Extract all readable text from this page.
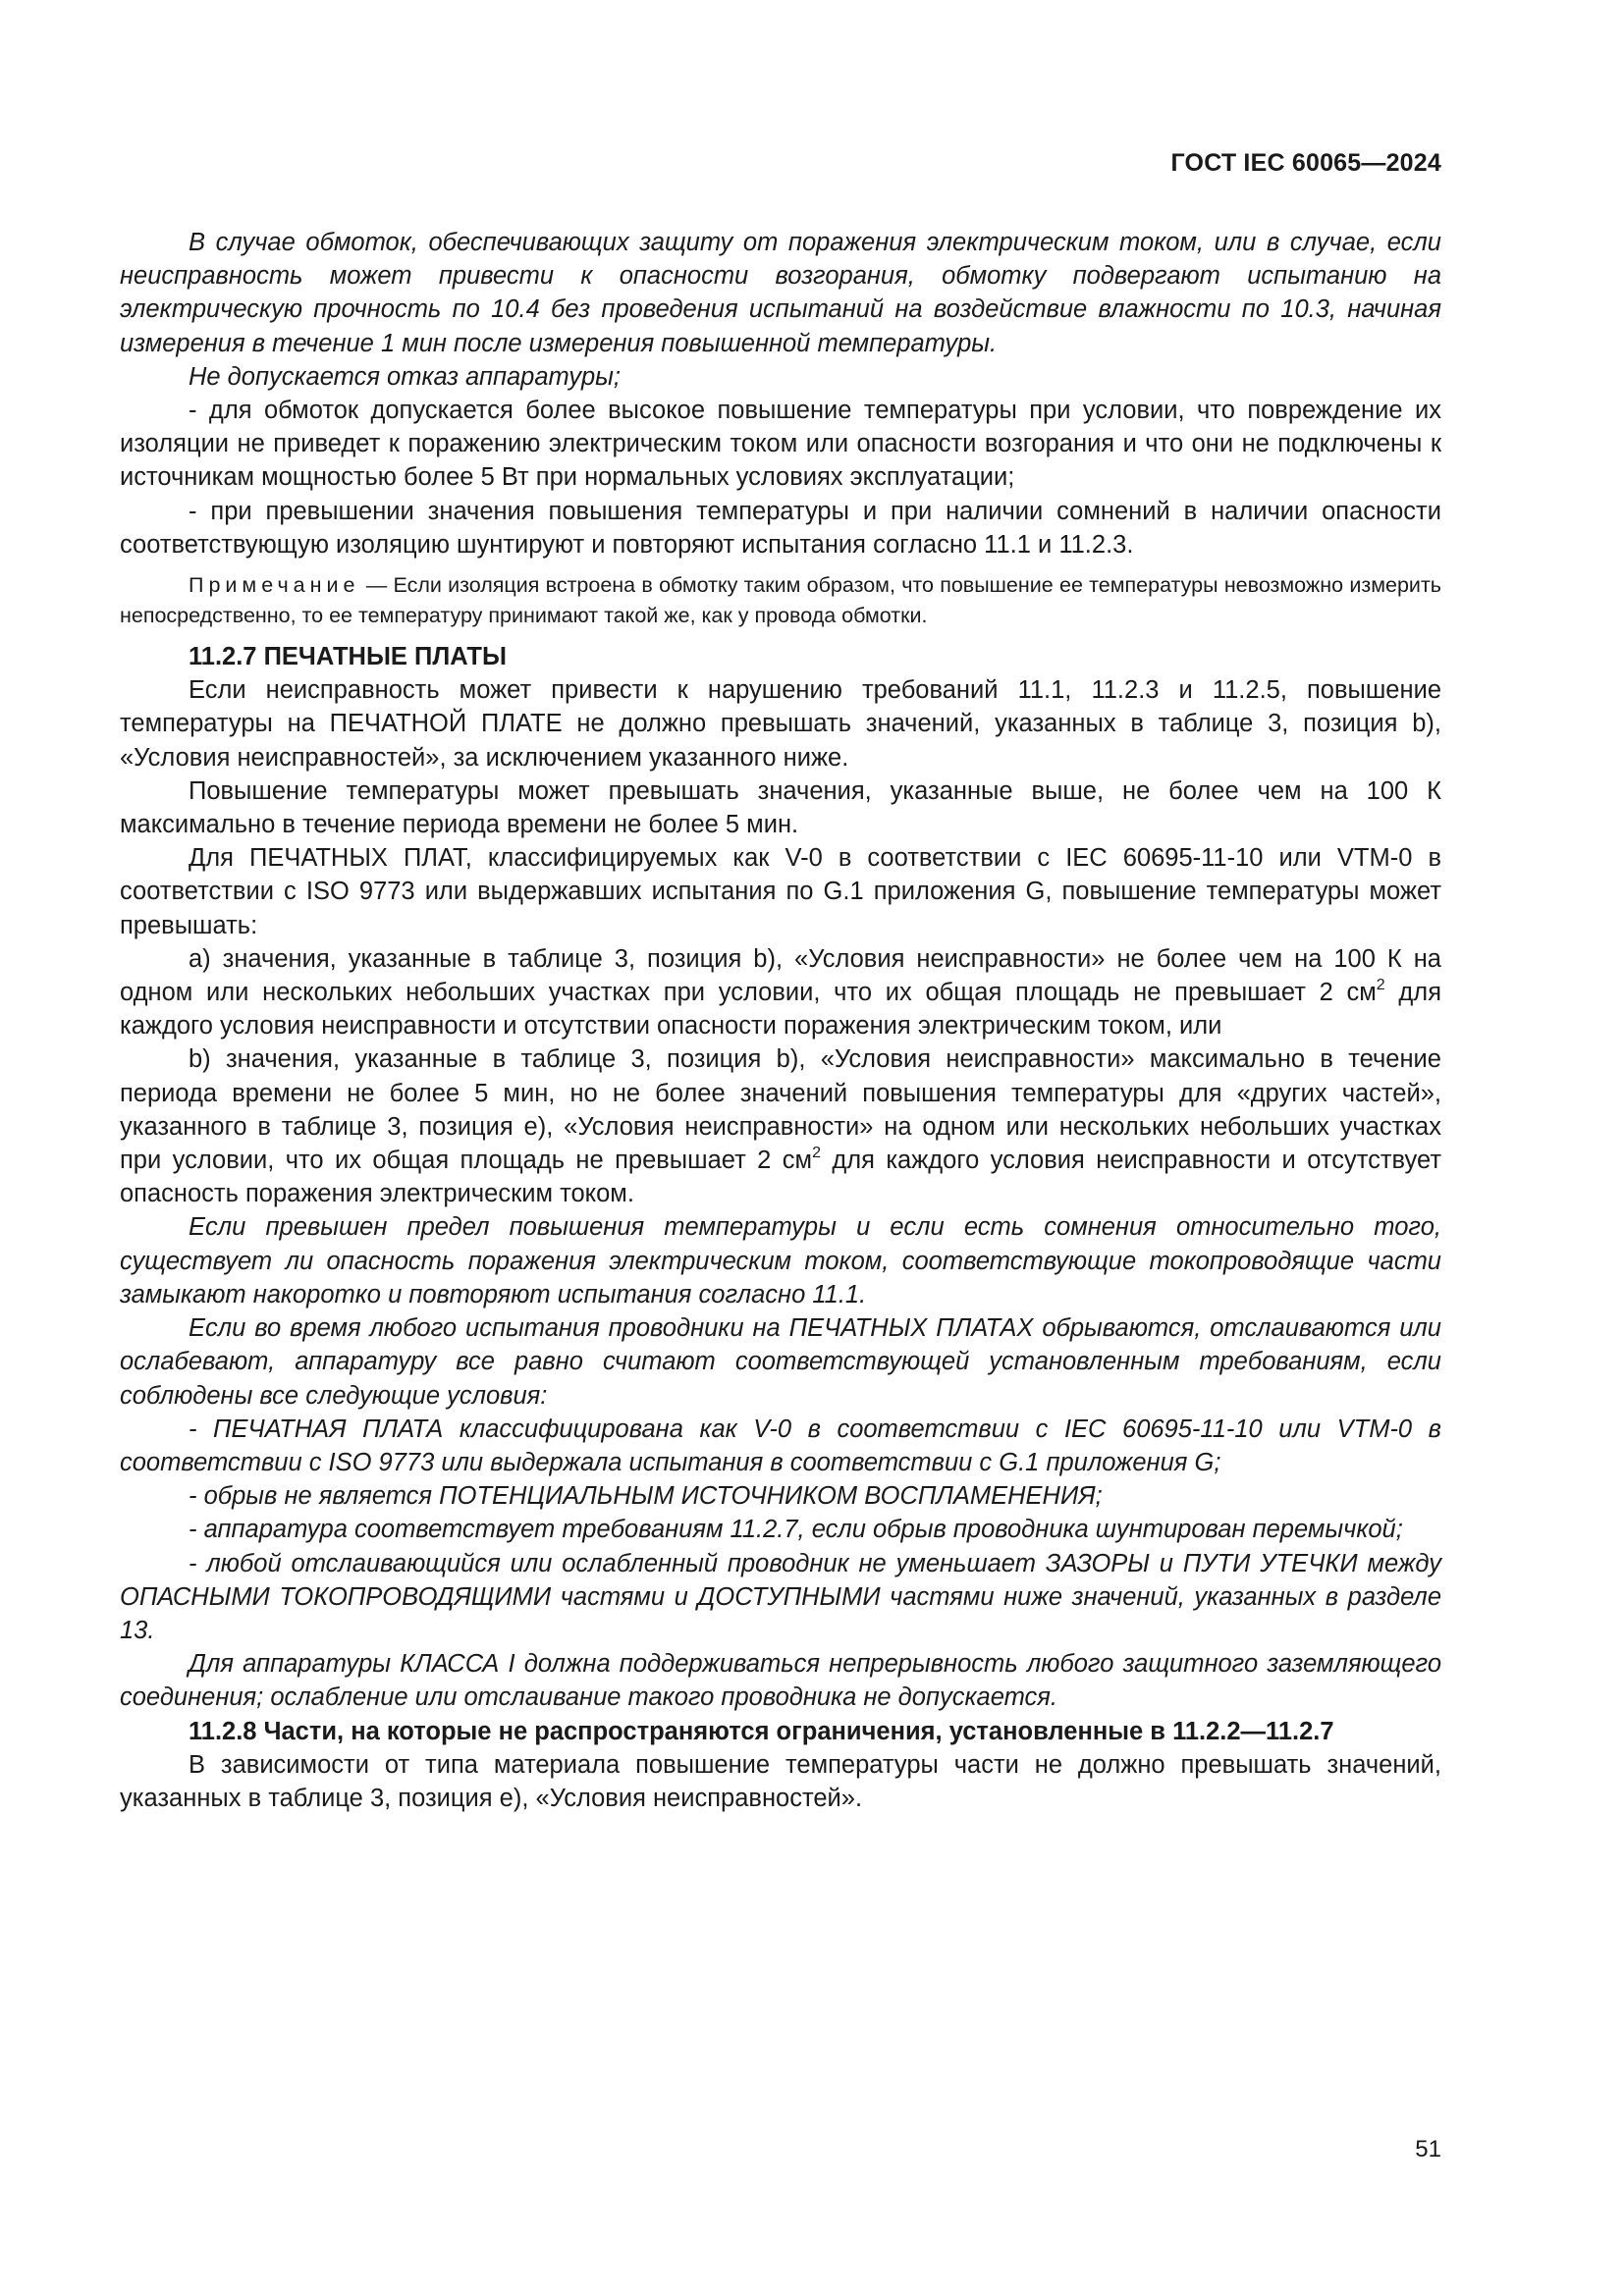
ГОСТ IEC 60065—2024

В случае обмоток, обеспечивающих защиту от поражения электрическим током, или в случае, если неисправность может привести к опасности возгорания, обмотку подвергают испытанию на электрическую прочность по 10.4 без проведения испытаний на воздействие влажности по 10.3, начиная измерения в течение 1 мин после измерения повышенной температуры.

Не допускается отказ аппаратуры;

- для обмоток допускается более высокое повышение температуры при условии, что повреждение их изоляции не приведет к поражению электрическим током или опасности возгорания и что они не подключены к источникам мощностью более 5 Вт при нормальных условиях эксплуатации;

- при превышении значения повышения температуры и при наличии сомнений в наличии опасности соответствующую изоляцию шунтируют и повторяют испытания согласно 11.1 и 11.2.3.

Примечание — Если изоляция встроена в обмотку таким образом, что повышение ее температуры невозможно измерить непосредственно, то ее температуру принимают такой же, как у провода обмотки.

11.2.7 ПЕЧАТНЫЕ ПЛАТЫ

Если неисправность может привести к нарушению требований 11.1, 11.2.3 и 11.2.5, повышение температуры на ПЕЧАТНОЙ ПЛАТЕ не должно превышать значений, указанных в таблице 3, позиция b), «Условия неисправностей», за исключением указанного ниже.

Повышение температуры может превышать значения, указанные выше, не более чем на 100 К максимально в течение периода времени не более 5 мин.

Для ПЕЧАТНЫХ ПЛАТ, классифицируемых как V-0 в соответствии с IEC 60695-11-10 или VTM-0 в соответствии с ISO 9773 или выдержавших испытания по G.1 приложения G, повышение температуры может превышать:

а) значения, указанные в таблице 3, позиция b), «Условия неисправности» не более чем на 100 К на одном или нескольких небольших участках при условии, что их общая площадь не превышает 2 $см^2$ для каждого условия неисправности и отсутствии опасности поражения электрическим током, или

b) значения, указанные в таблице 3, позиция b), «Условия неисправности» максимально в течение периода времени не более 5 мин, но не более значений повышения температуры для «других частей», указанного в таблице 3, позиция е), «Условия неисправности» на одном или нескольких небольших участках при условии, что их общая площадь не превышает 2 $см^2$ для каждого условия неисправности и отсутствует опасность поражения электрическим током.

Если превышен предел повышения температуры и если есть сомнения относительно того, существует ли опасность поражения электрическим током, соответствующие токопроводящие части замыкают накоротко и повторяют испытания согласно 11.1.

Если во время любого испытания проводники на ПЕЧАТНЫХ ПЛАТАХ обрываются, отслаиваются или ослабевают, аппаратуру все равно считают соответствующей установленным требованиям, если соблюдены все следующие условия:

- ПЕЧАТНАЯ ПЛАТА классифицирована как V-0 в соответствии с IEC 60695-11-10 или VTM-0 в соответствии с ISO 9773 или выдержала испытания в соответствии с G.1 приложения G;

- обрыв не является ПОТЕНЦИАЛЬНЫМ ИСТОЧНИКОМ ВОСПЛАМЕНЕНИЯ;

- аппаратура соответствует требованиям 11.2.7, если обрыв проводника шунтирован перемычкой;

- любой отслаивающийся или ослабленный проводник не уменьшает ЗАЗОРЫ и ПУТИ УТЕЧКИ между ОПАСНЫМИ ТОКОПРОВОДЯЩИМИ частями и ДОСТУПНЫМИ частями ниже значений, указанных в разделе 13.

Для аппаратуры КЛАССА I должна поддерживаться непрерывность любого защитного заземляющего соединения; ослабление или отслаивание такого проводника не допускается.

11.2.8 Части, на которые не распространяются ограничения, установленные в 11.2.2—11.2.7

В зависимости от типа материала повышение температуры части не должно превышать значений, указанных в таблице 3, позиция е), «Условия неисправностей».

51
